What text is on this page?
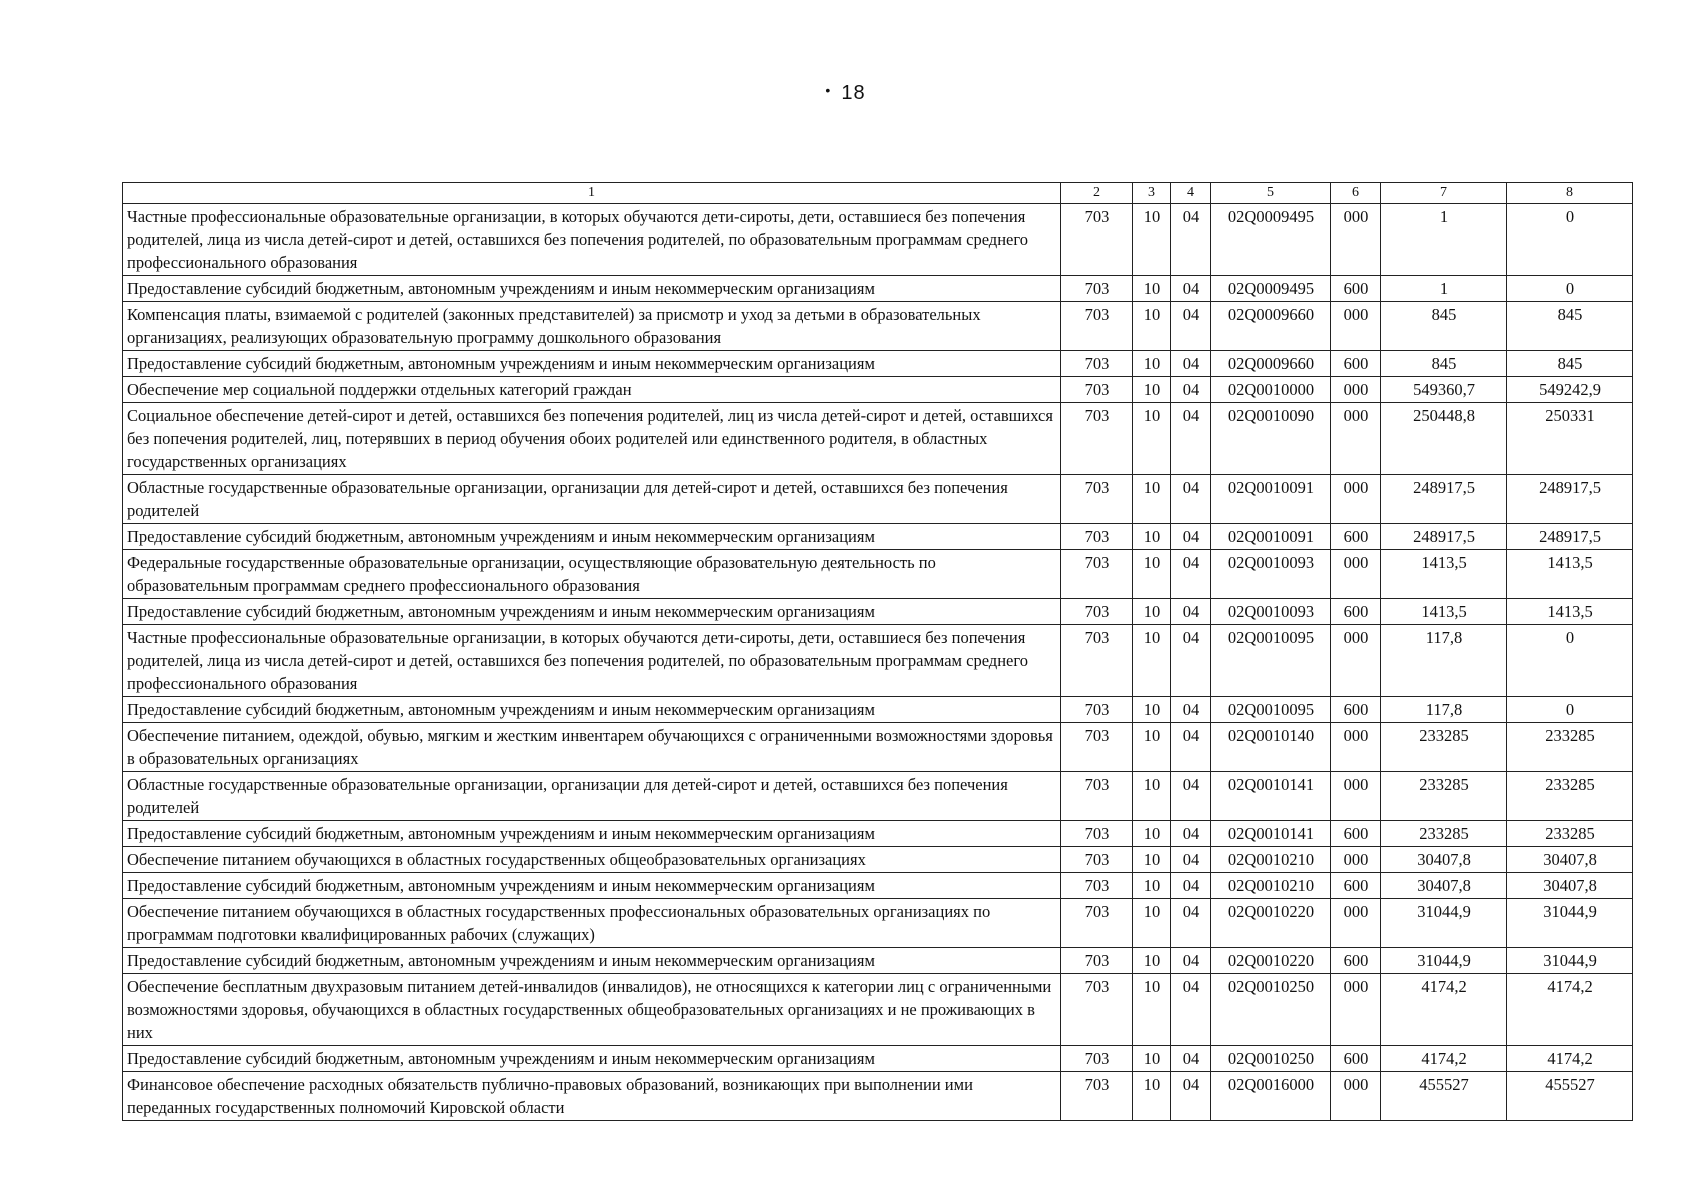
• 18
1	2	3	4	5	6	7	8
Частные профессиональные образовательные организации, в которых обучаются дети-сироты, дети, оставшиеся без попечения родителей, лица из числа детей-сирот и детей, оставшихся без попечения родителей, по образовательным программам среднего профессионального образования	703	10	04	02Q0009495	000	1	0
Предоставление субсидий бюджетным, автономным учреждениям и иным некоммерческим организациям	703	10	04	02Q0009495	600	1	0
Компенсация платы, взимаемой с родителей (законных представителей) за присмотр и уход за детьми в образовательных организациях, реализующих образовательную программу дошкольного образования	703	10	04	02Q0009660	000	845	845
Предоставление субсидий бюджетным, автономным учреждениям и иным некоммерческим организациям	703	10	04	02Q0009660	600	845	845
Обеспечение мер социальной поддержки отдельных категорий граждан	703	10	04	02Q0010000	000	549360,7	549242,9
Социальное обеспечение детей-сирот и детей, оставшихся без попечения родителей, лиц из числа детей-сирот и детей, оставшихся без попечения родителей, лиц, потерявших в период обучения обоих родителей или единственного родителя, в областных государственных организациях	703	10	04	02Q0010090	000	250448,8	250331
Областные государственные образовательные организации, организации для детей-сирот и детей, оставшихся без попечения родителей	703	10	04	02Q0010091	000	248917,5	248917,5
Предоставление субсидий бюджетным, автономным учреждениям и иным некоммерческим организациям	703	10	04	02Q0010091	600	248917,5	248917,5
Федеральные государственные образовательные организации, осуществляющие образовательную деятельность по образовательным программам среднего профессионального образования	703	10	04	02Q0010093	000	1413,5	1413,5
Предоставление субсидий бюджетным, автономным учреждениям и иным некоммерческим организациям	703	10	04	02Q0010093	600	1413,5	1413,5
Частные профессиональные образовательные организации, в которых обучаются дети-сироты, дети, оставшиеся без попечения родителей, лица из числа детей-сирот и детей, оставшихся без попечения родителей, по образовательным программам среднего профессионального образования	703	10	04	02Q0010095	000	117,8	0
Предоставление субсидий бюджетным, автономным учреждениям и иным некоммерческим организациям	703	10	04	02Q0010095	600	117,8	0
Обеспечение питанием, одеждой, обувью, мягким и жестким инвентарем обучающихся с ограниченными возможностями здоровья в образовательных организациях	703	10	04	02Q0010140	000	233285	233285
Областные государственные образовательные организации, организации для детей-сирот и детей, оставшихся без попечения родителей	703	10	04	02Q0010141	000	233285	233285
Предоставление субсидий бюджетным, автономным учреждениям и иным некоммерческим организациям	703	10	04	02Q0010141	600	233285	233285
Обеспечение питанием обучающихся в областных государственных общеобразовательных организациях	703	10	04	02Q0010210	000	30407,8	30407,8
Предоставление субсидий бюджетным, автономным учреждениям и иным некоммерческим организациям	703	10	04	02Q0010210	600	30407,8	30407,8
Обеспечение питанием обучающихся в областных государственных профессиональных образовательных организациях по программам подготовки квалифицированных рабочих (служащих)	703	10	04	02Q0010220	000	31044,9	31044,9
Предоставление субсидий бюджетным, автономным учреждениям и иным некоммерческим организациям	703	10	04	02Q0010220	600	31044,9	31044,9
Обеспечение бесплатным двухразовым питанием детей-инвалидов (инвалидов), не относящихся к категории лиц с ограниченными возможностями здоровья, обучающихся в областных государственных общеобразовательных организациях и не проживающих в них	703	10	04	02Q0010250	000	4174,2	4174,2
Предоставление субсидий бюджетным, автономным учреждениям и иным некоммерческим организациям	703	10	04	02Q0010250	600	4174,2	4174,2
Финансовое обеспечение расходных обязательств публично-правовых образований, возникающих при выполнении ими переданных государственных полномочий Кировской области	703	10	04	02Q0016000	000	455527	455527
